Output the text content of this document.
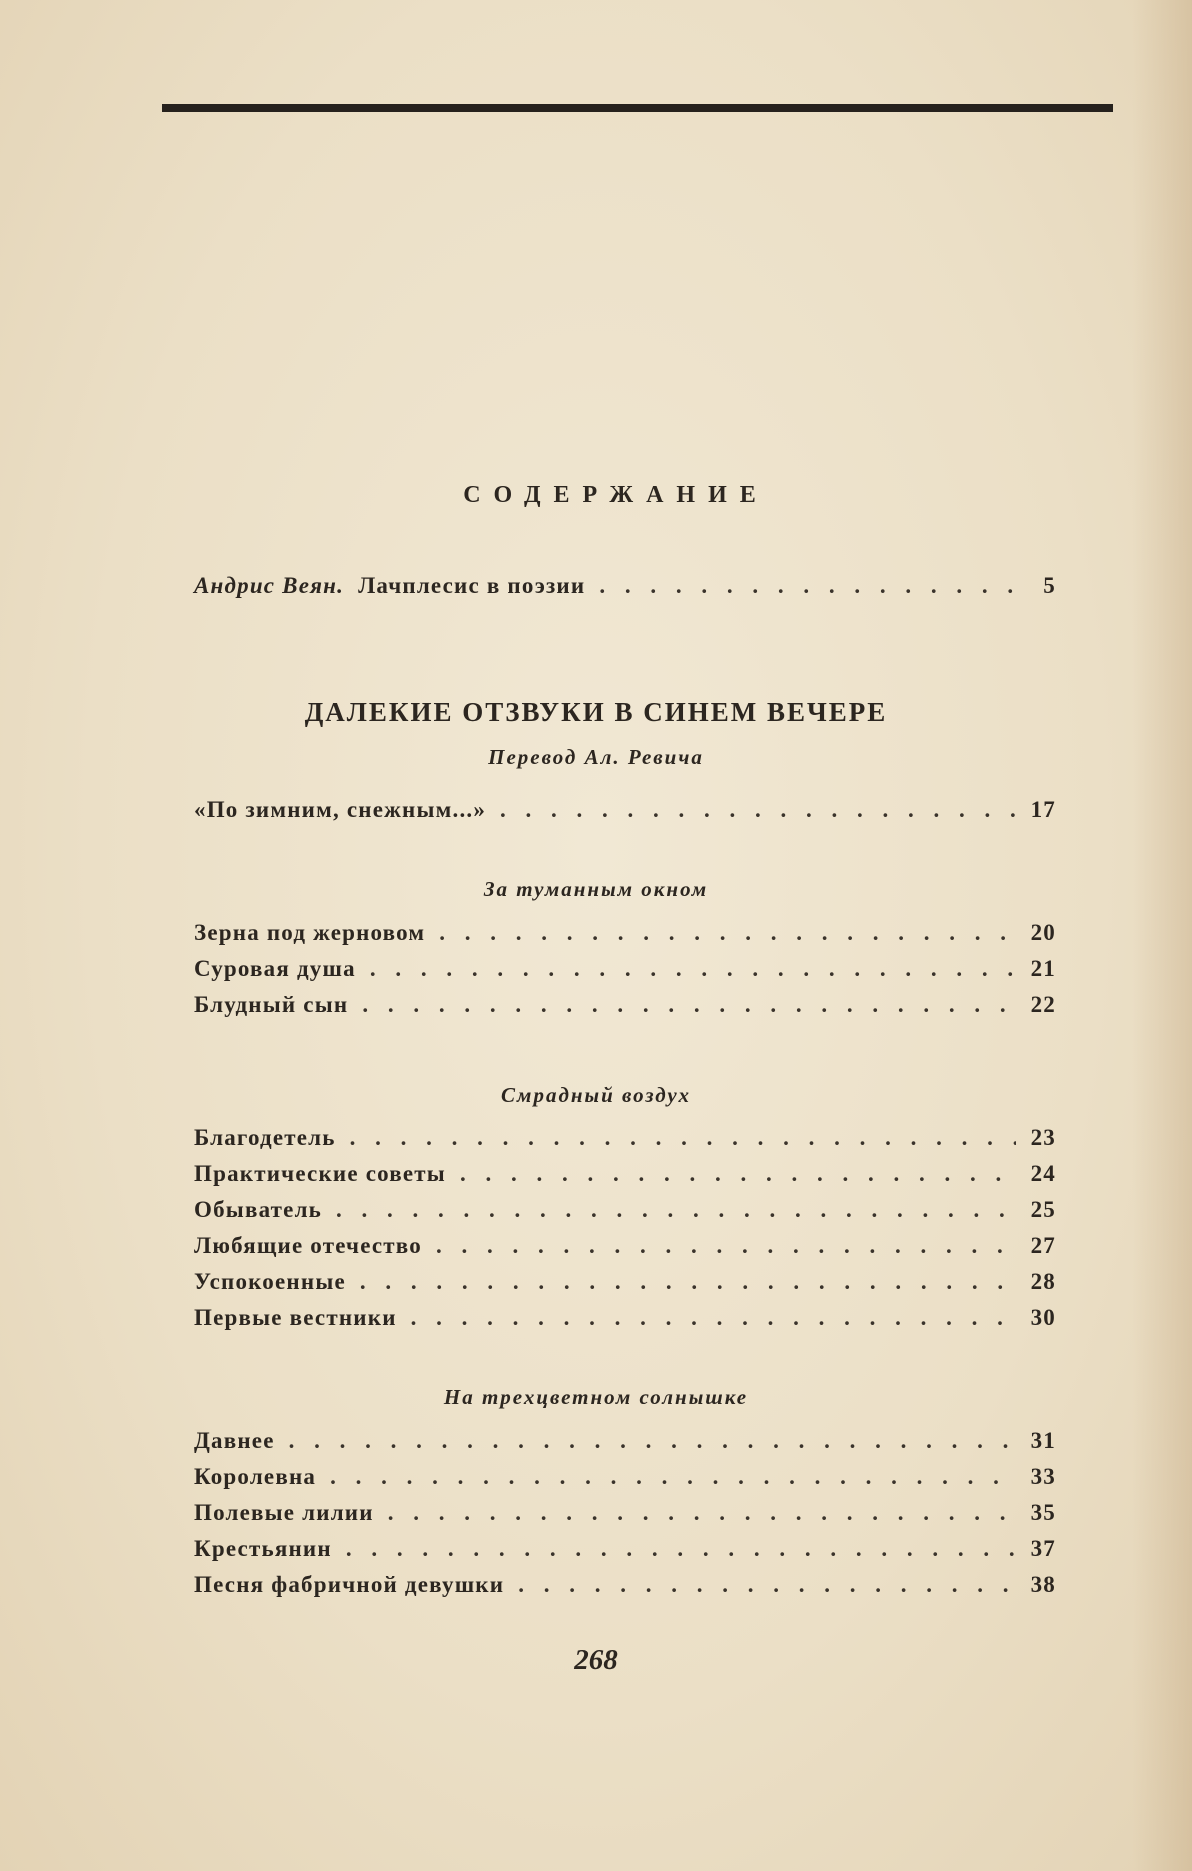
СОДЕРЖАНИЕ
Андрис Веян. Лачплесис в поэзии . . .	5
ДАЛЕКИЕ ОТЗВУКИ В СИНЕМ ВЕЧЕРЕ
Перевод Ал. Ревича
«По зимним, снежным...» . . .	17
За туманным окном
Зерна под жерновом . . .	20
Суровая душа . . .	21
Блудный сын . . .	22
Смрадный воздух
Благодетель . . .	23
Практические советы . . .	24
Обыватель . . .	25
Любящие отечество . . .	27
Успокоенные . . .	28
Первые вестники . . .	30
На трехцветном солнышке
Давнее . . .	31
Королевна . . .	33
Полевые лилии . . .	35
Крестьянин . . .	37
Песня фабричной девушки . . .	38
268
